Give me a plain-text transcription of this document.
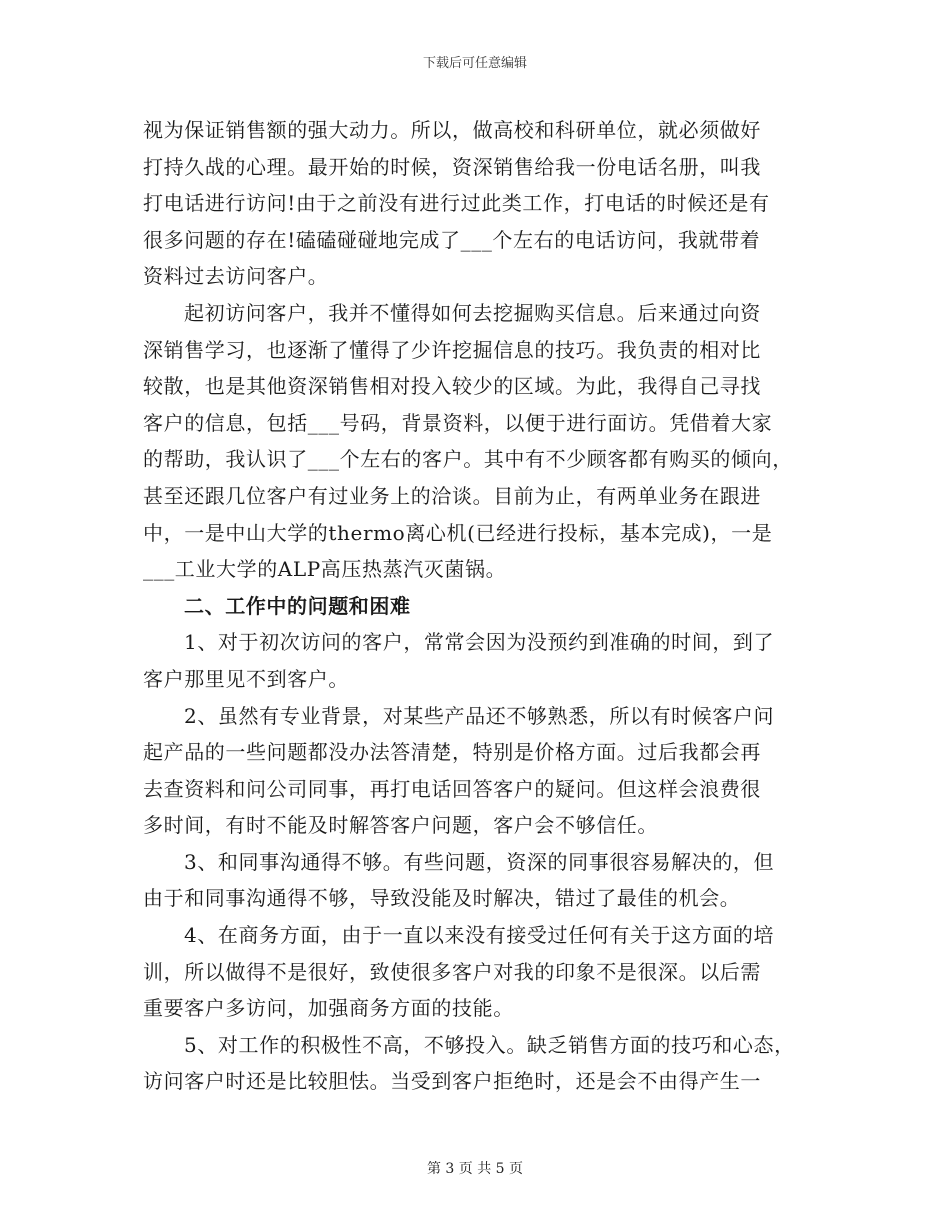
下载后可任意编辑
视为保证销售额的强大动力。所以，做高校和科研单位，就必须做好
打持久战的心理。最开始的时候，资深销售给我一份电话名册，叫我
打电话进行访问!由于之前没有进行过此类工作，打电话的时候还是有
很多问题的存在!磕磕碰碰地完成了___个左右的电话访问，我就带着
资料过去访问客户。
起初访问客户，我并不懂得如何去挖掘购买信息。后来通过向资
深销售学习，也逐渐了懂得了少许挖掘信息的技巧。我负责的相对比
较散，也是其他资深销售相对投入较少的区域。为此，我得自己寻找
客户的信息，包括___号码，背景资料，以便于进行面访。凭借着大家
的帮助，我认识了___个左右的客户。其中有不少顾客都有购买的倾向，
甚至还跟几位客户有过业务上的洽谈。目前为止，有两单业务在跟进
中，一是中山大学的thermo离心机(已经进行投标，基本完成)，一是
___工业大学的ALP高压热蒸汽灭菌锅。
二、工作中的问题和困难
1、对于初次访问的客户，常常会因为没预约到准确的时间，到了
客户那里见不到客户。
2、虽然有专业背景，对某些产品还不够熟悉，所以有时候客户问
起产品的一些问题都没办法答清楚，特别是价格方面。过后我都会再
去查资料和问公司同事，再打电话回答客户的疑问。但这样会浪费很
多时间，有时不能及时解答客户问题，客户会不够信任。
3、和同事沟通得不够。有些问题，资深的同事很容易解决的，但
由于和同事沟通得不够，导致没能及时解决，错过了最佳的机会。
4、在商务方面，由于一直以来没有接受过任何有关于这方面的培
训，所以做得不是很好，致使很多客户对我的印象不是很深。以后需
重要客户多访问，加强商务方面的技能。
5、对工作的积极性不高，不够投入。缺乏销售方面的技巧和心态，
访问客户时还是比较胆怯。当受到客户拒绝时，还是会不由得产生一
第 3 页 共 5 页
